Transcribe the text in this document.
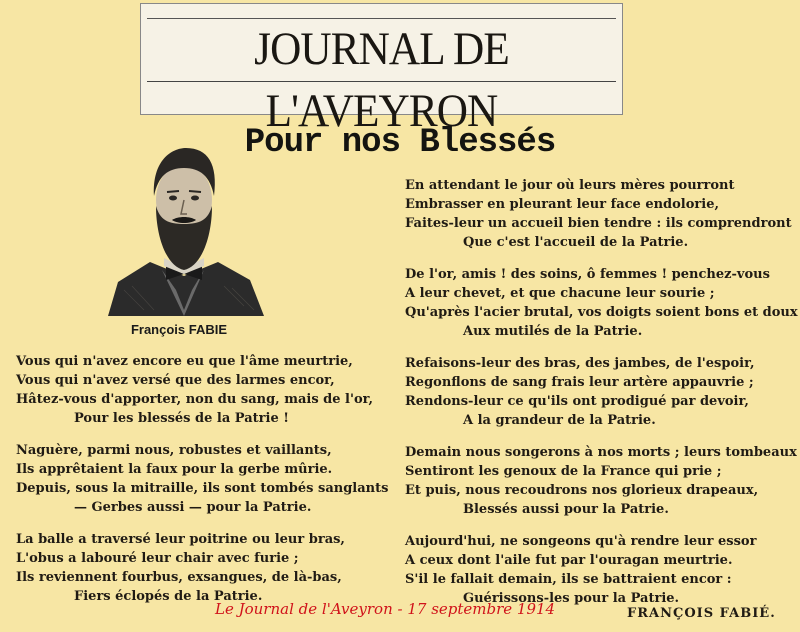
JOURNAL DE L'AVEYRON
Pour nos Blessés
François FABIE
Vous qui n'avez encore eu que l'âme meurtrie,
Vous qui n'avez versé que des larmes encor,
Hâtez-vous d'apporter, non du sang, mais de l'or,
Pour les blessés de la Patrie !
Naguère, parmi nous, robustes et vaillants,
Ils apprêtaient la faux pour la gerbe mûrie.
Depuis, sous la mitraille, ils sont tombés sanglants
— Gerbes aussi — pour la Patrie.
La balle a traversé leur poitrine ou leur bras,
L'obus a labouré leur chair avec furie ;
Ils reviennent fourbus, exsangues, de là-bas,
Fiers éclopés de la Patrie.
En attendant le jour où leurs mères pourront
Embrasser en pleurant leur face endolorie,
Faites-leur un accueil bien tendre : ils comprendront
Que c'est l'accueil de la Patrie.
De l'or, amis ! des soins, ô femmes ! penchez-vous
A leur chevet, et que chacune leur sourie ;
Qu'après l'acier brutal, vos doigts soient bons et doux
Aux mutilés de la Patrie.
Refaisons-leur des bras, des jambes, de l'espoir,
Regonflons de sang frais leur artère appauvrie ;
Rendons-leur ce qu'ils ont prodigué par devoir,
A la grandeur de la Patrie.
Demain nous songerons à nos morts ; leurs tombeaux
Sentiront les genoux de la France qui prie ;
Et puis, nous recoudrons nos glorieux drapeaux,
Blessés aussi pour la Patrie.
Aujourd'hui, ne songeons qu'à rendre leur essor
A ceux dont l'aile fut par l'ouragan meurtrie.
S'il le fallait demain, ils se battraient encor :
Guérissons-les pour la Patrie.
Le Journal de l'Aveyron - 17 septembre 1914	FRANÇOIS FABIÉ.
